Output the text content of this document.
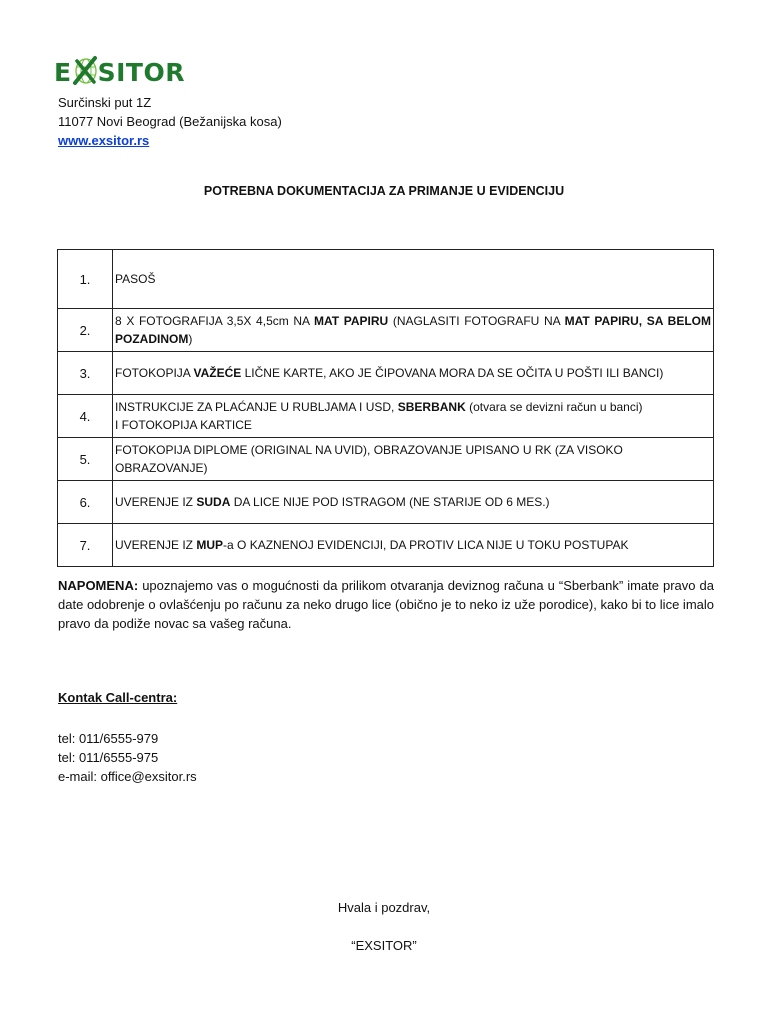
E SITOR
Surčinski put 1Z
11077 Novi Beograd (Bežanijska kosa)
www.exsitor.rs
POTREBNA DOKUMENTACIJA ZA PRIMANJE U EVIDENCIJU
1.	PASOŠ
2.	8 X FOTOGRAFIJA 3,5X 4,5cm NA MAT PAPIRU (NAGLASITI FOTOGRAFU NA MAT PAPIRU, SA BELOM
POZADINOM)

3.	FOTOKOPIJA VAŽEĆE LIČNE KARTE, AKO JE ČIPOVANA MORA DA SE OČITA U POŠTI ILI BANCI)
4.	INSTRUKCIJE ZA PLAĆANJE U RUBLJAMA I USD, SBERBANK (otvara se devizni račun u banci)
I FOTOKOPIJA KARTICE

5.	FOTOKOPIJA DIPLOME (ORIGINAL NA UVID), OBRAZOVANJE UPISANO U RK (ZA VISOKO OBRAZOVANJE)
6.	UVERENJE IZ SUDA DA LICE NIJE POD ISTRAGOM (NE STARIJE OD 6 MES.)
7.	UVERENJE IZ MUP-a O KAZNENOJ EVIDENCIJI, DA PROTIV LICA NIJE U TOKU POSTUPAK
NAPOMENA: upoznajemo vas o mogućnosti da prilikom otvaranja deviznog računa u “Sberbank” imate pravo da date odobrenje o ovlašćenju po računu za neko drugo lice (obično je to neko iz uže porodice), kako bi to lice imalo pravo da podiže novac sa vašeg računa.
Kontak Call-centra:
tel: 011/6555-979
tel: 011/6555-975
e-mail: office@exsitor.rs
Hvala i pozdrav,
“EXSITOR”
